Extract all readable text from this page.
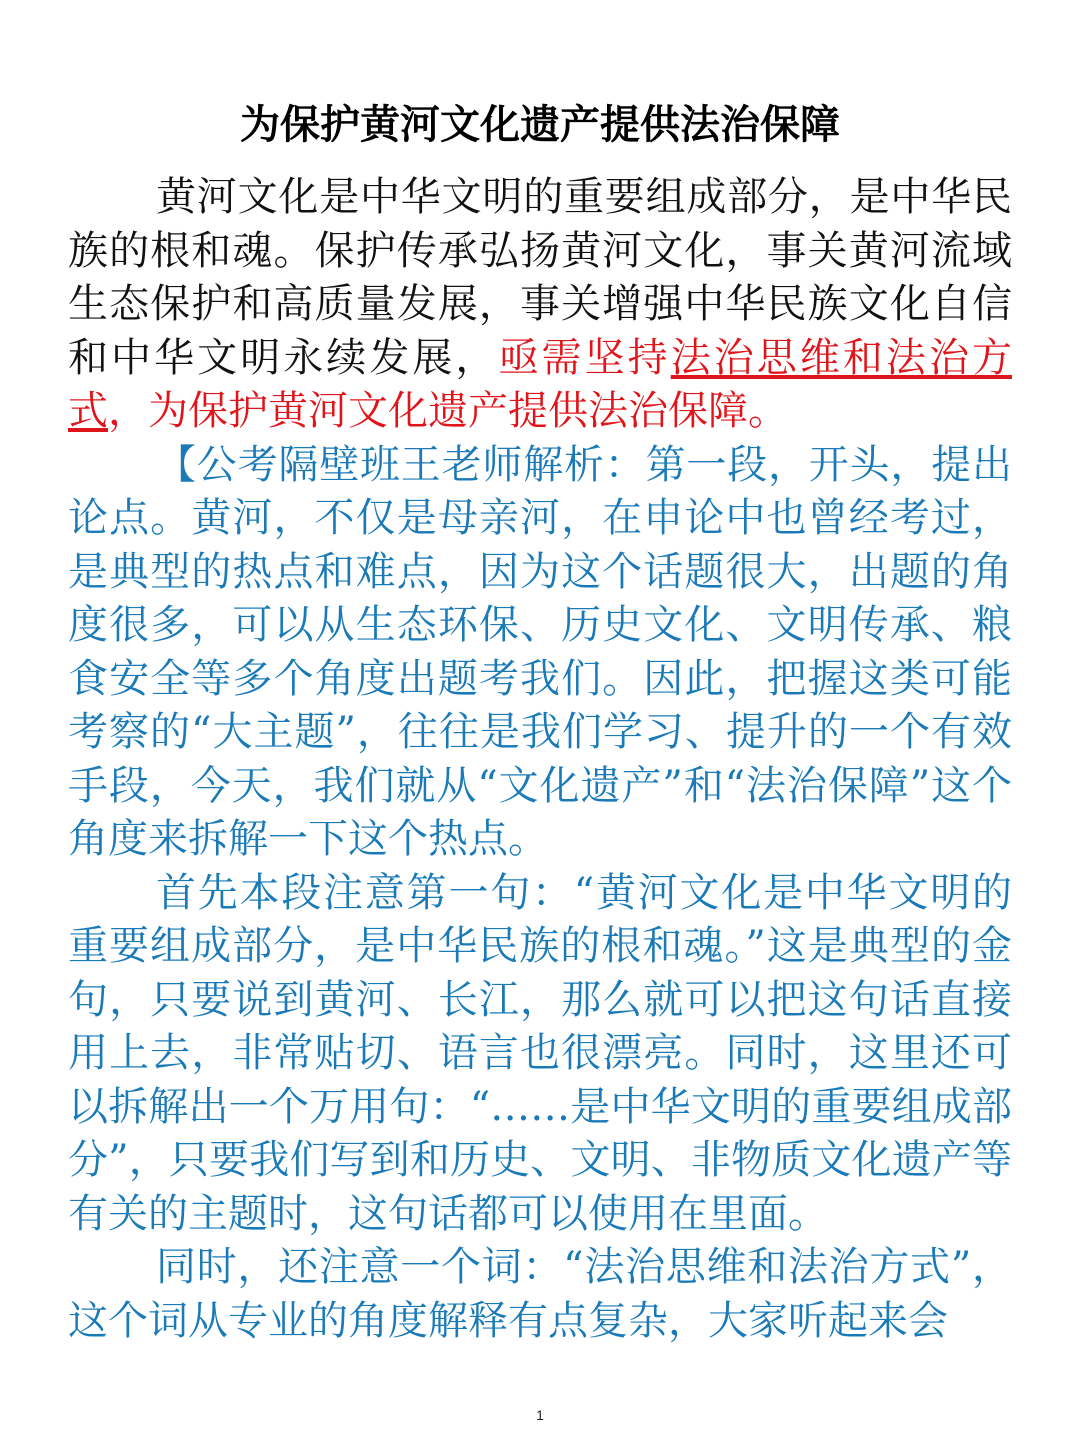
为保护黄河文化遗产提供法治保障

黄河文化是中华文明的重要组成部分，是中华民族的根和魂。保护传承弘扬黄河文化，事关黄河流域生态保护和高质量发展，事关增强中华民族文化自信和中华文明永续发展，亟需坚持法治思维和法治方式，为保护黄河文化遗产提供法治保障。

【公考隔壁班王老师解析：第一段，开头，提出论点。黄河，不仅是母亲河，在申论中也曾经考过，是典型的热点和难点，因为这个话题很大，出题的角度很多，可以从生态环保、历史文化、文明传承、粮食安全等多个角度出题考我们。因此，把握这类可能考察的“大主题”，往往是我们学习、提升的一个有效手段，今天，我们就从“文化遗产”和“法治保障”这个角度来拆解一下这个热点。

首先本段注意第一句：“黄河文化是中华文明的重要组成部分，是中华民族的根和魂。”这是典型的金句，只要说到黄河、长江，那么就可以把这句话直接用上去，非常贴切、语言也很漂亮。同时，这里还可以拆解出一个万用句：“……是中华文明的重要组成部分”，只要我们写到和历史、文明、非物质文化遗产等有关的主题时，这句话都可以使用在里面。

同时，还注意一个词：“法治思维和法治方式”，这个词从专业的角度解释有点复杂，大家听起来会

1
